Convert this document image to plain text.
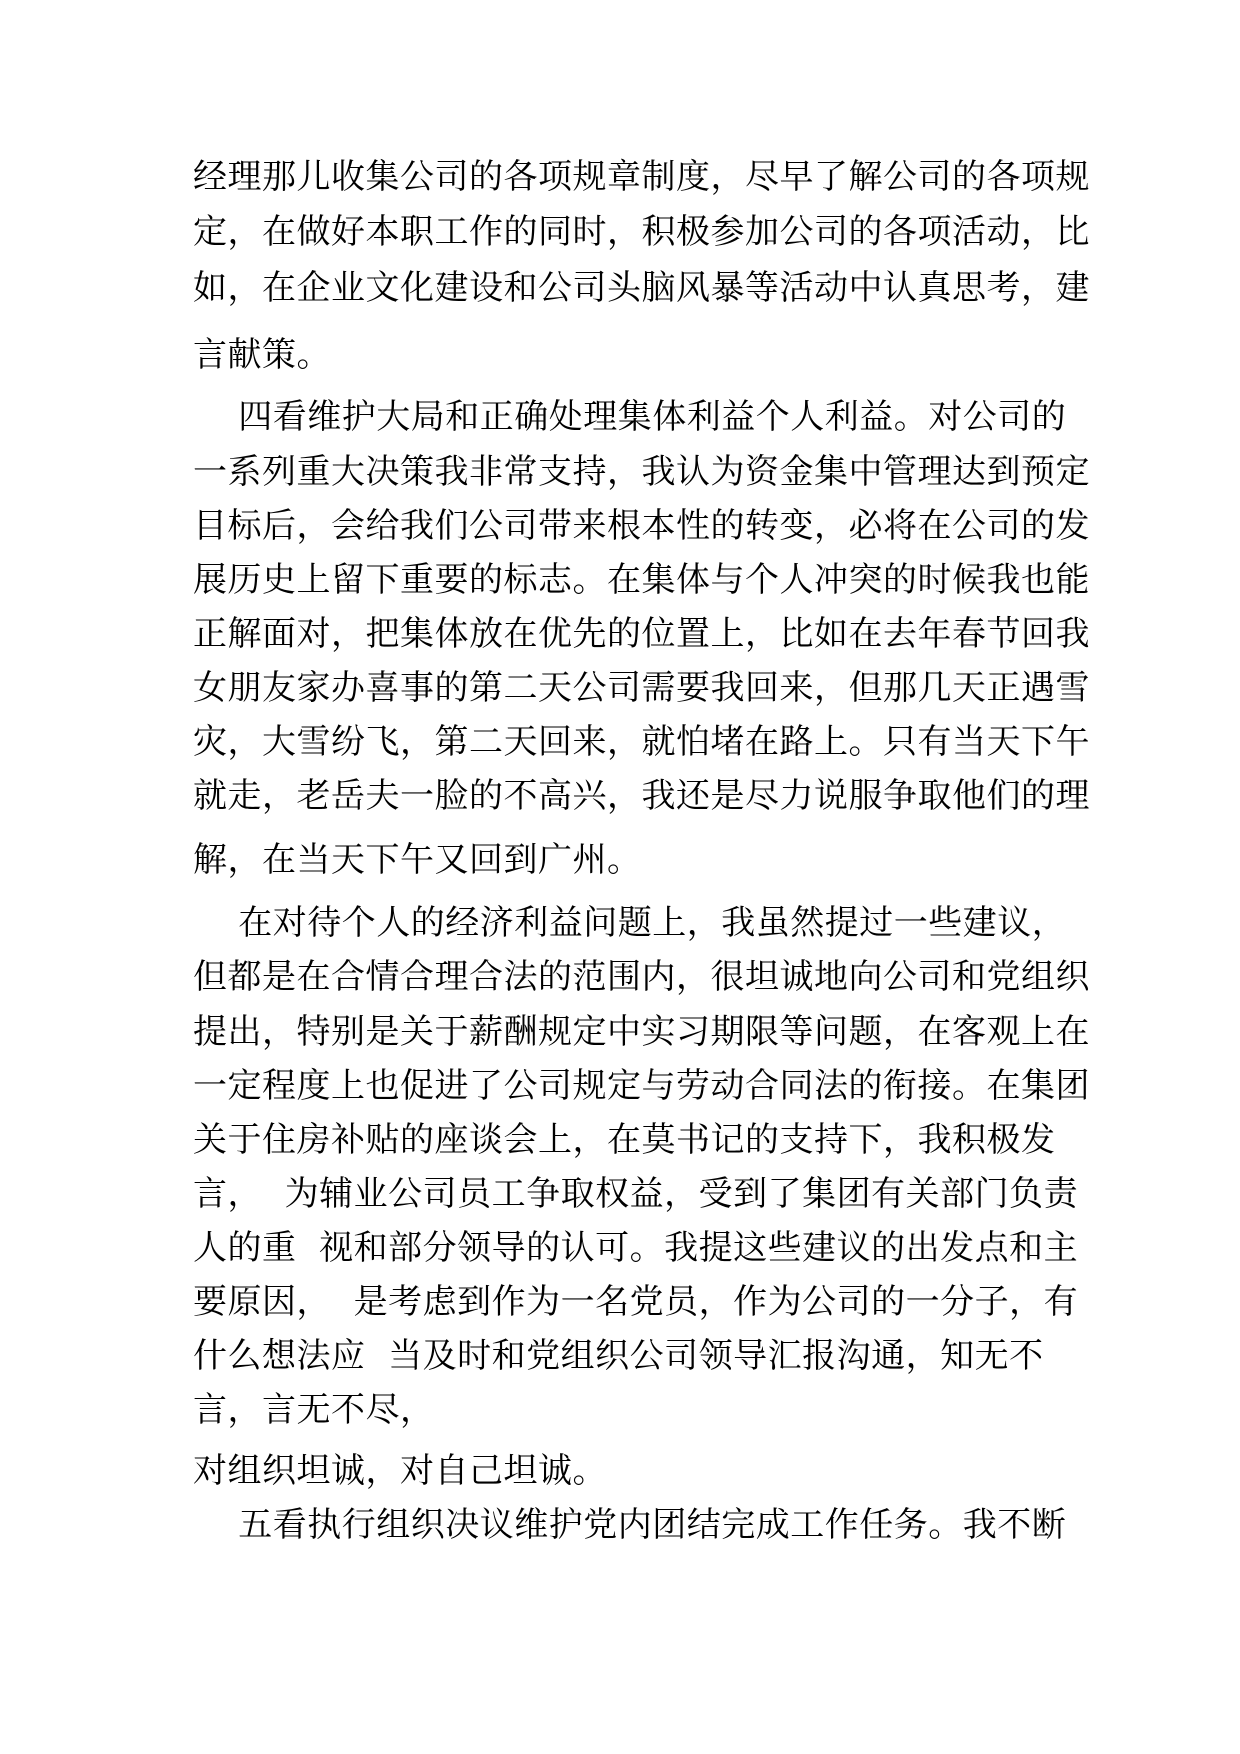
经理那儿收集公司的各项规章制度，尽早了解公司的各项规

定，在做好本职工作的同时，积极参加公司的各项活动，比

如，在企业文化建设和公司头脑风暴等活动中认真思考，建

言献策。

四看维护大局和正确处理集体利益个人利益。对公司的

一系列重大决策我非常支持，我认为资金集中管理达到预定

目标后，会给我们公司带来根本性的转变，必将在公司的发

展历史上留下重要的标志。在集体与个人冲突的时候我也能

正解面对，把集体放在优先的位置上，比如在去年春节回我

女朋友家办喜事的第二天公司需要我回来，但那几天正遇雪

灾，大雪纷飞，第二天回来，就怕堵在路上。只有当天下午

就走，老岳夫一脸的不高兴，我还是尽力说服争取他们的理

解，在当天下午又回到广州。

在对待个人的经济利益问题上，我虽然提过一些建议，

但都是在合情合理合法的范围内，很坦诚地向公司和党组织

提出，特别是关于薪酬规定中实习期限等问题，在客观上在

一定程度上也促进了公司规定与劳动合同法的衔接。在集团

关于住房补贴的座谈会上，在莫书记的支持下，我积极发

言，  为辅业公司员工争取权益，受到了集团有关部门负责

人的重  视和部分领导的认可。我提这些建议的出发点和主

要原因，  是考虑到作为一名党员，作为公司的一分子，有

什么想法应  当及时和党组织公司领导汇报沟通，知无不

言，言无不尽，

对组织坦诚，对自己坦诚。

五看执行组织决议维护党内团结完成工作任务。我不断
